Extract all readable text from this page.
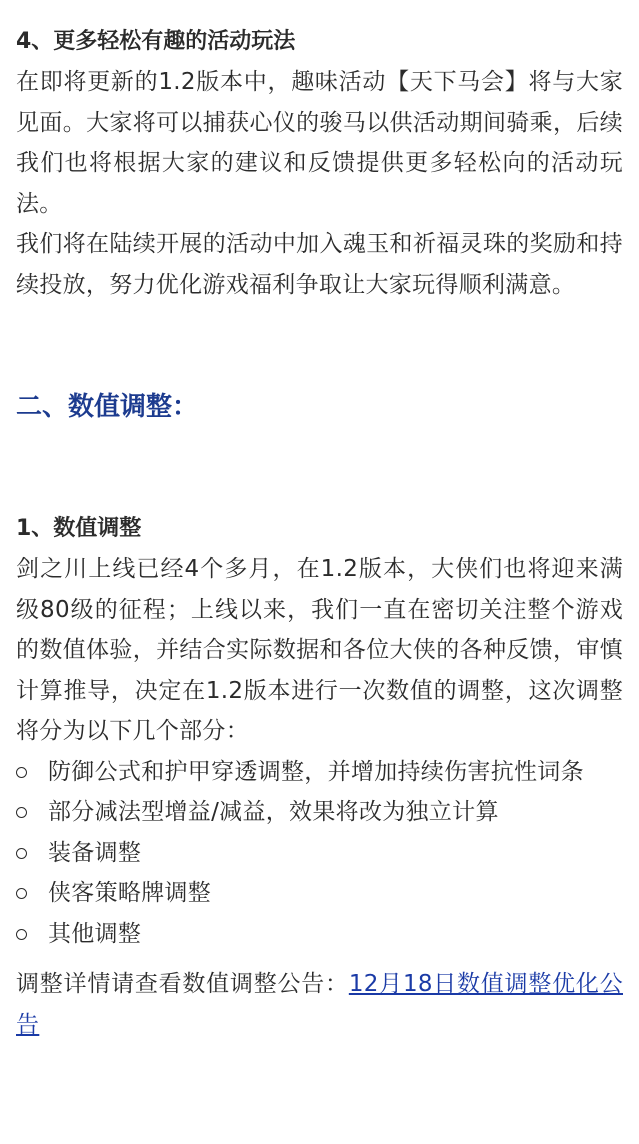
4、更多轻松有趣的活动玩法

在即将更新的1.2版本中，趣味活动【天下马会】将与大家见面。大家将可以捕获心仪的骏马以供活动期间骑乘，后续我们也将根据大家的建议和反馈提供更多轻松向的活动玩法。

我们将在陆续开展的活动中加入魂玉和祈福灵珠的奖励和持续投放，努力优化游戏福利争取让大家玩得顺利满意。

二、数值调整：
1、数值调整

剑之川上线已经4个多月，在1.2版本，大侠们也将迎来满级80级的征程；上线以来，我们一直在密切关注整个游戏的数值体验，并结合实际数据和各位大侠的各种反馈，审慎计算推导，决定在1.2版本进行一次数值的调整，这次调整将分为以下几个部分：

防御公式和护甲穿透调整，并增加持续伤害抗性词条
部分减法型增益/减益，效果将改为独立计算
装备调整
侠客策略牌调整
其他调整

调整详情请查看数值调整公告：12月18日数值调整优化公告
